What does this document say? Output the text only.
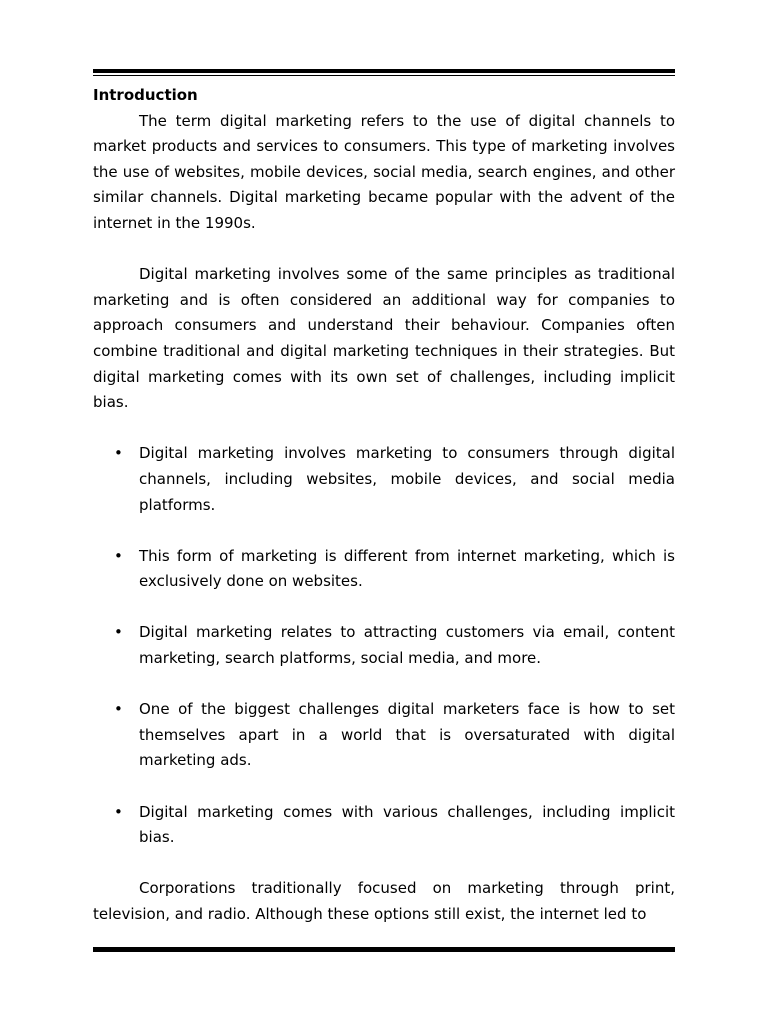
Introduction

The term digital marketing refers to the use of digital channels to market products and services to consumers. This type of marketing involves the use of websites, mobile devices, social media, search engines, and other similar channels. Digital marketing became popular with the advent of the internet in the 1990s.

Digital marketing involves some of the same principles as traditional marketing and is often considered an additional way for companies to approach consumers and understand their behaviour. Companies often combine traditional and digital marketing techniques in their strategies. But digital marketing comes with its own set of challenges, including implicit bias.

• Digital marketing involves marketing to consumers through digital channels, including websites, mobile devices, and social media platforms.
• This form of marketing is different from internet marketing, which is exclusively done on websites.
• Digital marketing relates to attracting customers via email, content marketing, search platforms, social media, and more.
• One of the biggest challenges digital marketers face is how to set themselves apart in a world that is oversaturated with digital marketing ads.
• Digital marketing comes with various challenges, including implicit bias.

Corporations traditionally focused on marketing through print, television, and radio. Although these options still exist, the internet led to
